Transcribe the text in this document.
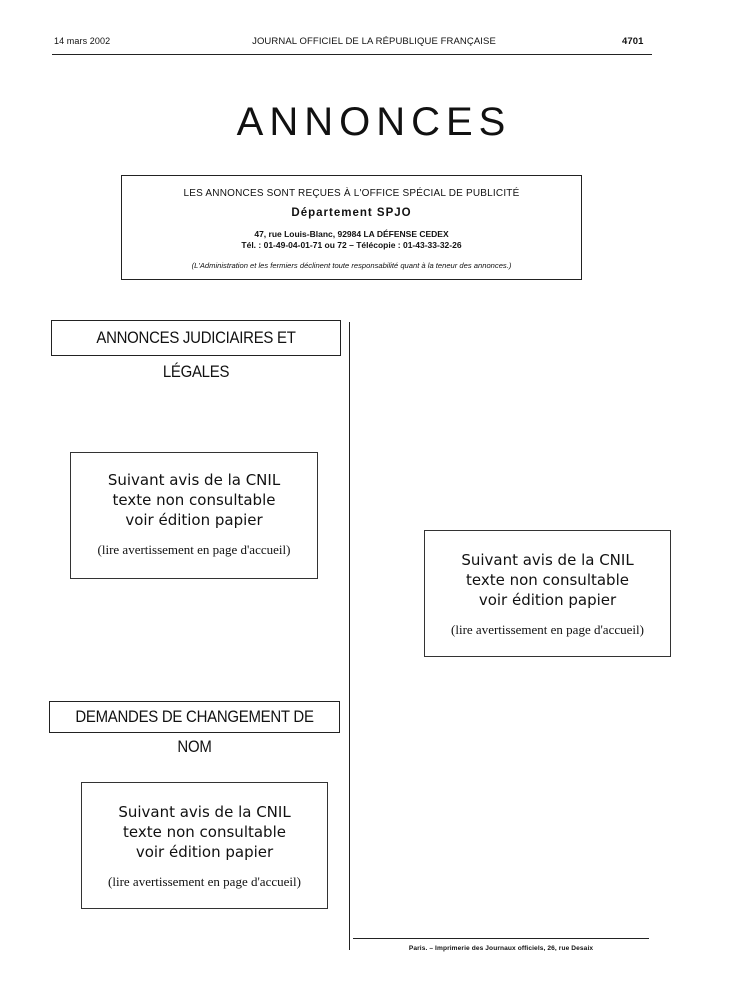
14 mars 2002	JOURNAL OFFICIEL DE LA RÉPUBLIQUE FRANÇAISE	4701
ANNONCES
LES ANNONCES SONT REÇUES À L'OFFICE SPÉCIAL DE PUBLICITÉ
Département SPJO
47, rue Louis-Blanc, 92984 LA DÉFENSE CEDEX
Tél. : 01-49-04-01-71 ou 72 – Télécopie : 01-43-33-32-26
(L'Administration et les fermiers déclinent toute responsabilité quant à la teneur des annonces.)
ANNONCES JUDICIAIRES ET LÉGALES
Suivant avis de la CNIL
texte non consultable
voir édition papier
(lire avertissement en page d'accueil)
Suivant avis de la CNIL
texte non consultable
voir édition papier
(lire avertissement en page d'accueil)
DEMANDES DE CHANGEMENT DE NOM
Suivant avis de la CNIL
texte non consultable
voir édition papier
(lire avertissement en page d'accueil)
Paris. – Imprimerie des Journaux officiels, 26, rue Desaix
